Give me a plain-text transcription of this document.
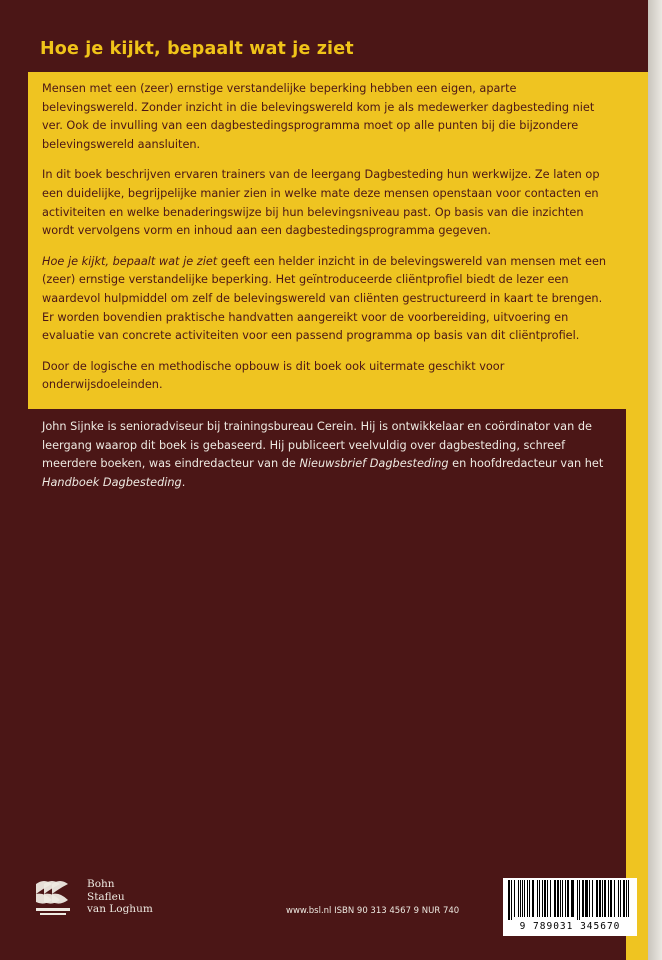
Hoe je kijkt, bepaalt wat je ziet

Mensen met een (zeer) ernstige verstandelijke beperking hebben een eigen, aparte belevingswereld. Zonder inzicht in die belevingswereld kom je als medewerker dagbesteding niet ver. Ook de invulling van een dagbestedingsprogramma moet op alle punten bij die bijzondere belevingswereld aansluiten.

In dit boek beschrijven ervaren trainers van de leergang Dagbesteding hun werkwijze. Ze laten op een duidelijke, begrijpelijke manier zien in welke mate deze mensen openstaan voor contacten en activiteiten en welke benaderingswijze bij hun belevingsniveau past. Op basis van die inzichten wordt vervolgens vorm en inhoud aan een dagbestedingsprogramma gegeven.

Hoe je kijkt, bepaalt wat je ziet geeft een helder inzicht in de belevingswereld van mensen met een (zeer) ernstige verstandelijke beperking. Het geïntroduceerde cliëntprofiel biedt de lezer een waardevol hulpmiddel om zelf de belevingswereld van cliënten gestructureerd in kaart te brengen. Er worden bovendien praktische handvatten aangereikt voor de voorbereiding, uitvoering en evaluatie van concrete activiteiten voor een passend programma op basis van dit cliëntprofiel.

Door de logische en methodische opbouw is dit boek ook uitermate geschikt voor onderwijsdoeleinden.

John Sijnke is senioradviseur bij trainingsbureau Cerein. Hij is ontwikkelaar en coördinator van de leergang waarop dit boek is gebaseerd. Hij publiceert veelvuldig over dagbesteding, schreef meerdere boeken, was eindredacteur van de Nieuwsbrief Dagbesteding en hoofdredacteur van het Handboek Dagbesteding.

Bohn
Stafleu
van Loghum	www.bsl.nl ISBN 90 313 4567 9 NUR 740
9 789031 345670
